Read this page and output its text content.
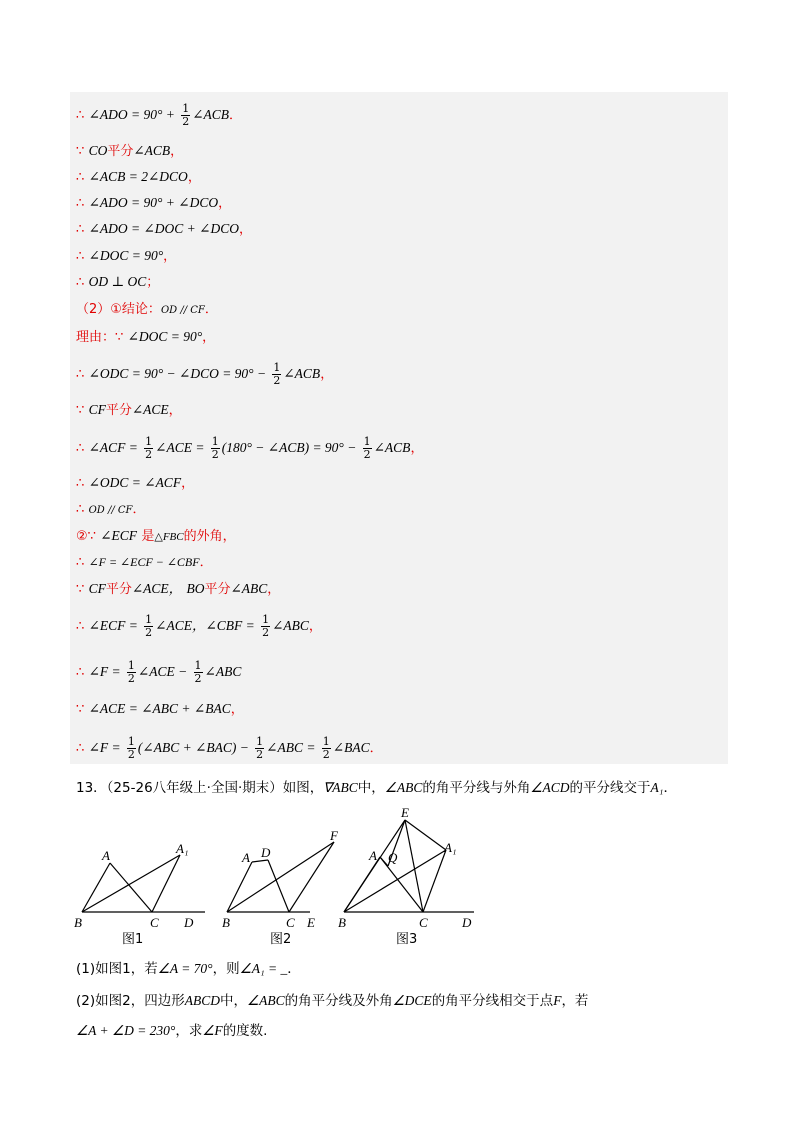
∴ ∠ADO = $90^\circ + \frac{1}{2}$ ∠ACB．
∵ CO平分∠ACB，
∴ ∠ACB = 2∠DCO，
∴ ∠ADO = 90° + ∠DCO，
∴ ∠ADO = ∠DOC + ∠DCO，
∴ ∠DOC = 90°，
∴ OD ⊥ OC；
（2）①结论：OD // CF．
理由：∵ ∠DOC = 90°，
∴ ∠ODC = 90° − ∠DCO = $90^\circ - \frac{1}{2}$ ∠ACB，
∵ CF平分∠ACE，
∴ ∠ACF = $\frac{1}{2}$ ∠ACE = $\frac{1}{2} (180^\circ$ − ∠ACB) = $90^\circ - \frac{1}{2}$ ∠ACB，
∴ ∠ODC = ∠ACF，
∴ OD // CF．
②∵ ∠ECF 是△FBC的外角，
∴ ∠F = ∠ECF − ∠CBF．
∵ CF平分∠ACE， BO平分∠ABC，
∴ ∠ECF = $\frac{1}{2}$ ∠ACE，∠CBF = $\frac{1}{2}$ ∠ABC，
∴ ∠F = $\frac{1}{2}$ ∠ACE − $\frac{1}{2}$ ∠ABC
∵ ∠ACE = ∠ABC + ∠BAC，
∴ ∠F = $\frac{1}{2}$ (∠ABC + ∠BAC) − $\frac{1}{2}$ ∠ABC = $\frac{1}{2}$ ∠BAC．
13．（25-26八年级上·全国·期末）如图，∇ABC中，∠ABC的角平分线与外角∠ACD的平分线交于A₁．
A	A₁
B	C D
图1
A D
F
B	C E
图2
E
A Q
A₁
B	C	D
图3
(1)如图1，若∠A = 70°，则∠A₁ = _．
(2)如图2，四边形ABCD中，∠ABC的角平分线及外角∠DCE的角平分线相交于点F，若
∠A + ∠D = 230°，求∠F的度数.
